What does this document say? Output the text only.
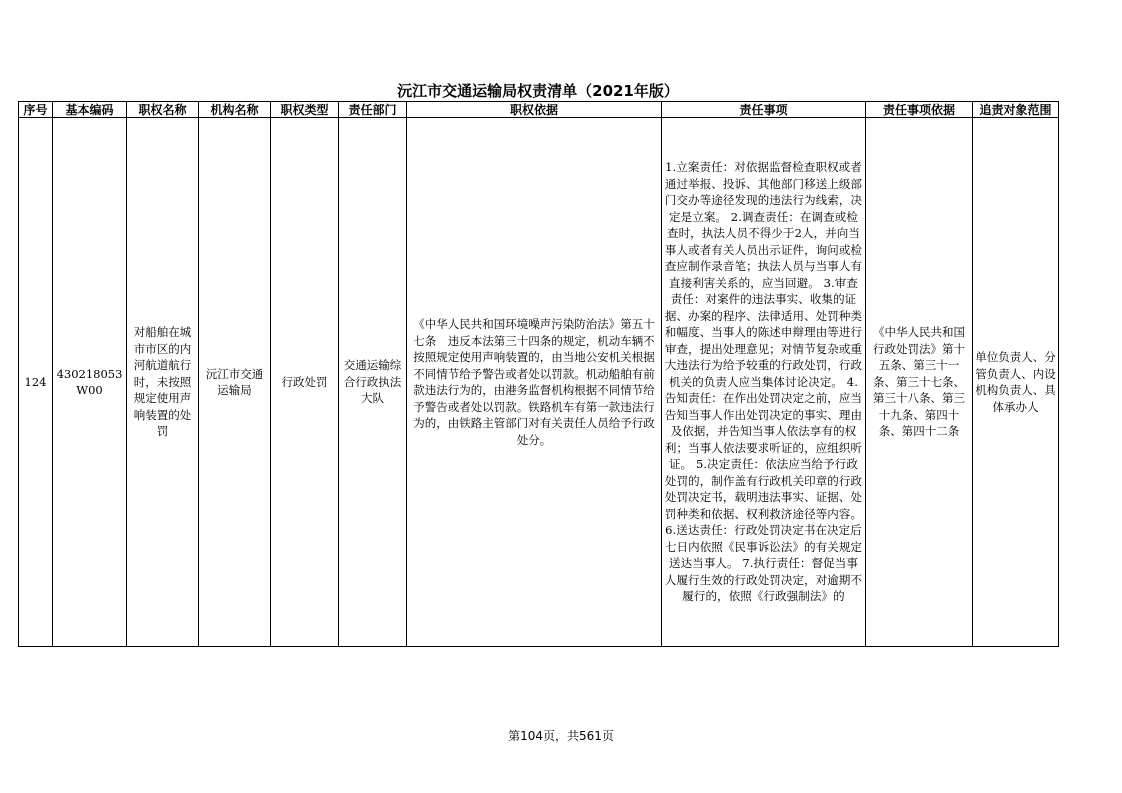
沅江市交通运输局权责清单（2021年版）
序号	基本编码	职权名称	机构名称	职权类型	责任部门	职权依据	责任事项	责任事项依据	追责对象范围
124	430218053W00	对船舶在城市市区的内河航道航行时，未按照规定使用声响装置的处罚	沅江市交通运输局	行政处罚	交通运输综合行政执法大队	《中华人民共和国环境噪声污染防治法》第五十七条　违反本法第三十四条的规定，机动车辆不按照规定使用声响装置的，由当地公安机关根据不同情节给予警告或者处以罚款。机动船舶有前款违法行为的，由港务监督机构根据不同情节给予警告或者处以罚款。铁路机车有第一款违法行为的，由铁路主管部门对有关责任人员给予行政处分。	1.立案责任：对依据监督检查职权或者通过举报、投诉、其他部门移送上级部门交办等途径发现的违法行为线索，决定是立案。 2.调查责任：在调查或检查时，执法人员不得少于2人，并向当事人或者有关人员出示证件，询问或检查应制作录音笔；执法人员与当事人有直接利害关系的，应当回避。 3.审查责任：对案件的违法事实、收集的证据、办案的程序、法律适用、处罚种类和幅度、当事人的陈述申辩理由等进行审查，提出处理意见；对情节复杂或重大违法行为给予较重的行政处罚，行政机关的负责人应当集体讨论决定。 4.告知责任：在作出处罚决定之前，应当告知当事人作出处罚决定的事实、理由及依据，并告知当事人依法享有的权利；当事人依法要求听证的，应组织听证。 5.决定责任：依法应当给予行政处罚的，制作盖有行政机关印章的行政处罚决定书，载明违法事实、证据、处罚种类和依据、权利救济途径等内容。 6.送达责任：行政处罚决定书在决定后七日内依照《民事诉讼法》的有关规定送达当事人。 7.执行责任：督促当事人履行生效的行政处罚决定，对逾期不履行的，依照《行政强制法》的	《中华人民共和国行政处罚法》第十五条、第三十一条、第三十七条、第三十八条、第三十九条、第四十条、第四十二条	单位负责人、分管负责人、内设机构负责人、具体承办人
第104页，共561页
